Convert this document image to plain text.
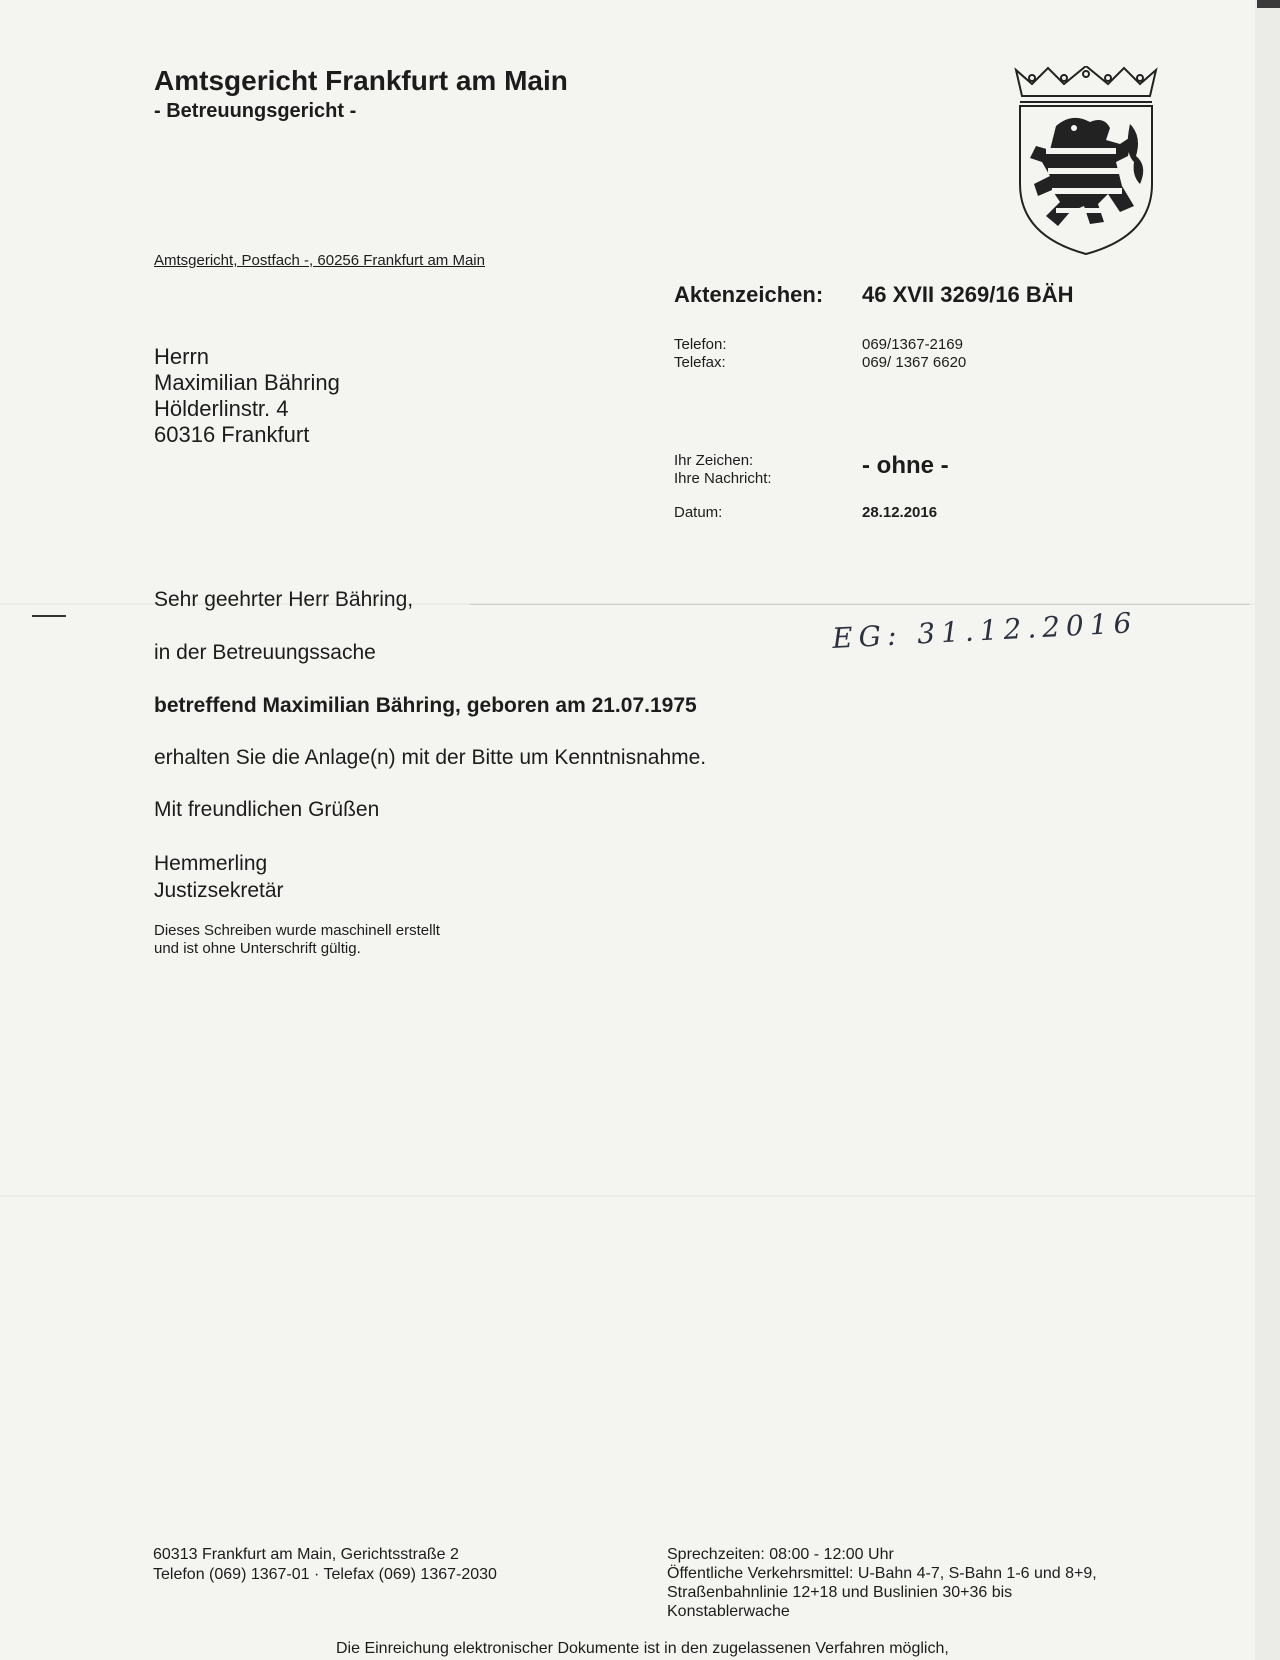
Amtsgericht Frankfurt am Main
- Betreuungsgericht -
Amtsgericht, Postfach -, 60256 Frankfurt am Main
Aktenzeichen: 46 XVII 3269/16 BÄH
Telefon:
Telefax:
069/1367-2169
069/ 1367 6620
Herrn
Maximilian Bähring
Hölderlinstr. 4
60316 Frankfurt
Ihr Zeichen:
Ihre Nachricht:	- ohne -
Datum:	28.12.2016
Sehr geehrter Herr Bähring,
EG: 31.12.2016
in der Betreuungssache
betreffend Maximilian Bähring, geboren am 21.07.1975
erhalten Sie die Anlage(n) mit der Bitte um Kenntnisnahme.
Mit freundlichen Grüßen
Hemmerling
Justizsekretär
Dieses Schreiben wurde maschinell erstellt
und ist ohne Unterschrift gültig.
60313 Frankfurt am Main, Gerichtsstraße 2
Telefon (069) 1367-01 · Telefax (069) 1367-2030
Sprechzeiten: 08:00 - 12:00 Uhr
Öffentliche Verkehrsmittel: U-Bahn 4-7, S-Bahn 1-6 und 8+9,
Straßenbahnlinie 12+18 und Buslinien 30+36 bis
Konstablerwache
Die Einreichung elektronischer Dokumente ist in den zugelassenen Verfahren möglich,
